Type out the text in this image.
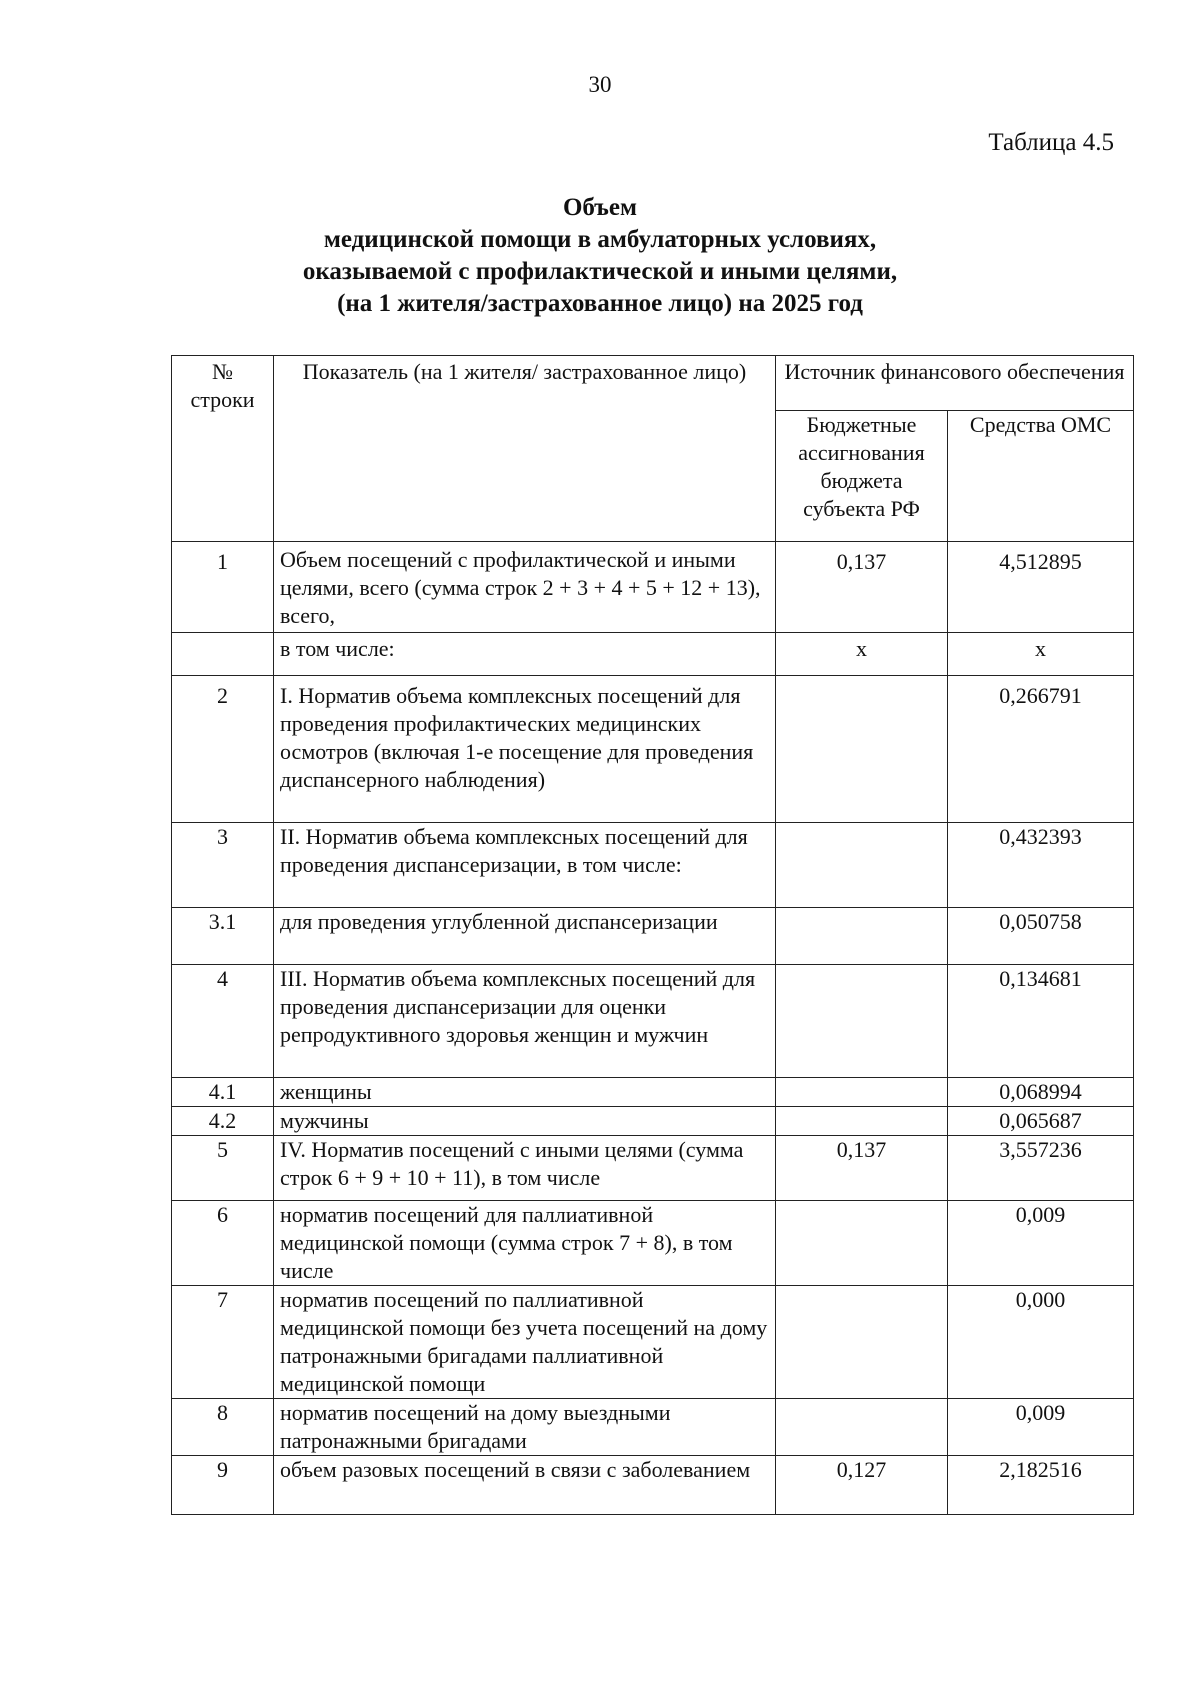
30
Таблица 4.5
Объем
медицинской помощи в амбулаторных условиях,
оказываемой с профилактической и иными целями,
(на 1 жителя/застрахованное лицо) на 2025 год
№ строки	Показатель (на 1 жителя/ застрахованное лицо)	Источник финансового обеспечения	
		Бюджетные ассигнования бюджета субъекта РФ	Средства ОМС
1	Объем посещений с профилактической и иными целями, всего (сумма строк 2 + 3 + 4 + 5 + 12 + 13), всего,	0,137	4,512895
	в том числе:	х	х
2	I. Норматив объема комплексных посещений для проведения профилактических медицинских осмотров (включая 1-е посещение для проведения диспансерного наблюдения)		0,266791
3	II. Норматив объема комплексных посещений для проведения диспансеризации, в том числе:		0,432393
3.1	для проведения углубленной диспансеризации		0,050758
4	III. Норматив объема комплексных посещений для проведения диспансеризации для оценки репродуктивного здоровья женщин и мужчин		0,134681
4.1	женщины		0,068994
4.2	мужчины		0,065687
5	IV. Норматив посещений с иными целями (сумма строк 6 + 9 + 10 + 11), в том числе	0,137	3,557236
6	норматив посещений для паллиативной медицинской помощи (сумма строк 7 + 8), в том числе		0,009
7	норматив посещений по паллиативной медицинской помощи без учета посещений на дому патронажными бригадами паллиативной медицинской помощи		0,000
8	норматив посещений на дому выездными патронажными бригадами		0,009
9	объем разовых посещений в связи с заболеванием	0,127	2,182516
